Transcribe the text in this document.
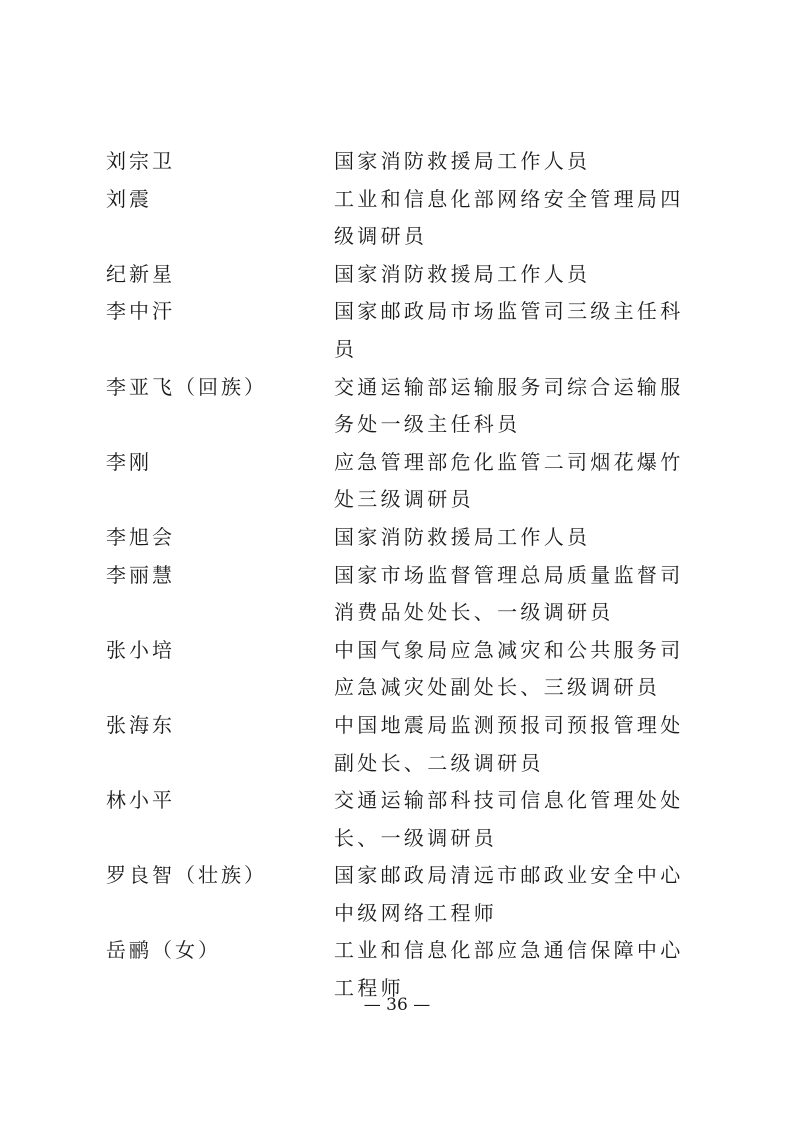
刘宗卫	国家消防救援局工作人员
刘震	工业和信息化部网络安全管理局四级调研员
纪新星	国家消防救援局工作人员
李中汗	国家邮政局市场监管司三级主任科员
李亚飞（回族）	交通运输部运输服务司综合运输服务处一级主任科员
李刚	应急管理部危化监管二司烟花爆竹处三级调研员
李旭会	国家消防救援局工作人员
李丽慧	国家市场监督管理总局质量监督司消费品处处长、一级调研员
张小培	中国气象局应急减灾和公共服务司应急减灾处副处长、三级调研员
张海东	中国地震局监测预报司预报管理处副处长、二级调研员
林小平	交通运输部科技司信息化管理处处长、一级调研员
罗良智（壮族）	国家邮政局清远市邮政业安全中心中级网络工程师
岳鹂（女）	工业和信息化部应急通信保障中心工程师
— 36 —
